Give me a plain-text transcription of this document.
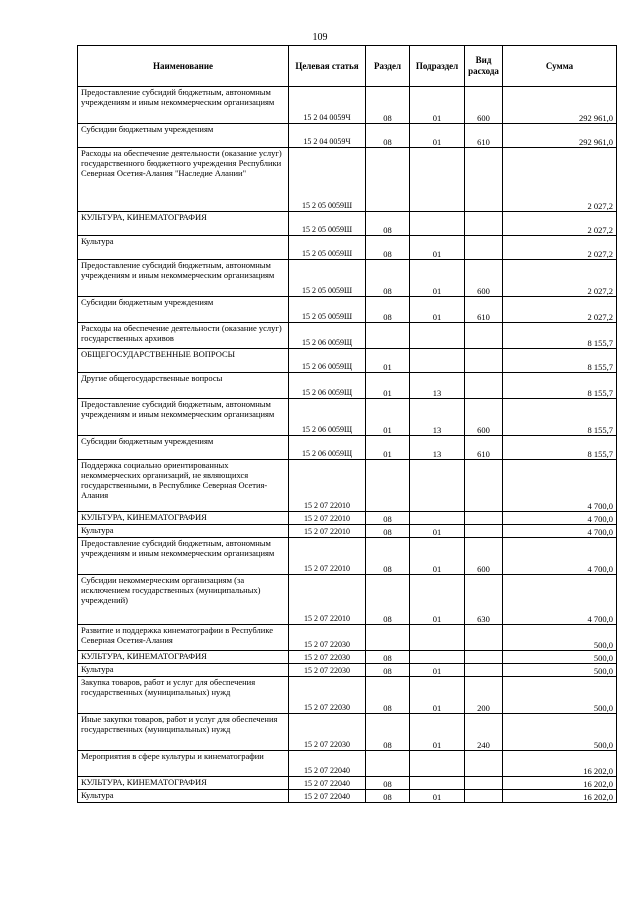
109
Наименование	Целевая статья	Раздел	Подраздел	Вид расхода	Сумма
Предоставление субсидий бюджетным, автономным учреждениям и иным некоммерческим организациям	15 2 04 0059Ч	08	01	600	292 961,0
Субсидии бюджетным учреждениям	15 2 04 0059Ч	08	01	610	292 961,0
Расходы на обеспечение деятельности (оказание услуг) государственного бюджетного учреждения Республики Северная Осетия-Алания "Наследие Алании"	15 2 05 0059Ш				2 027,2
КУЛЬТУРА, КИНЕМАТОГРАФИЯ	15 2 05 0059Ш	08			2 027,2
Культура	15 2 05 0059Ш	08	01		2 027,2
Предоставление субсидий бюджетным, автономным учреждениям и иным некоммерческим организациям	15 2 05 0059Ш	08	01	600	2 027,2
Субсидии бюджетным учреждениям	15 2 05 0059Ш	08	01	610	2 027,2
Расходы на обеспечение деятельности (оказание услуг) государственных архивов	15 2 06 0059Щ				8 155,7
ОБЩЕГОСУДАРСТВЕННЫЕ ВОПРОСЫ	15 2 06 0059Щ	01			8 155,7
Другие общегосударственные вопросы	15 2 06 0059Щ	01	13		8 155,7
Предоставление субсидий бюджетным, автономным учреждениям и иным некоммерческим организациям	15 2 06 0059Щ	01	13	600	8 155,7
Субсидии бюджетным учреждениям	15 2 06 0059Щ	01	13	610	8 155,7
Поддержка социально ориентированных некоммерческих организаций, не являющихся государственными, в Республике Северная Осетия-Алания	15 2 07 22010				4 700,0
КУЛЬТУРА, КИНЕМАТОГРАФИЯ	15 2 07 22010	08			4 700,0
Культура	15 2 07 22010	08	01		4 700,0
Предоставление субсидий бюджетным, автономным учреждениям и иным некоммерческим организациям	15 2 07 22010	08	01	600	4 700,0
Субсидии некоммерческим организациям (за исключением государственных (муниципальных) учреждений)	15 2 07 22010	08	01	630	4 700,0
Развитие и поддержка кинематографии в Республике Северная Осетия-Алания	15 2 07 22030				500,0
КУЛЬТУРА, КИНЕМАТОГРАФИЯ	15 2 07 22030	08			500,0
Культура	15 2 07 22030	08	01		500,0
Закупка товаров, работ и услуг для обеспечения государственных (муниципальных) нужд	15 2 07 22030	08	01	200	500,0
Иные закупки товаров, работ и услуг для обеспечения государственных (муниципальных) нужд	15 2 07 22030	08	01	240	500,0
Мероприятия в сфере культуры и кинематографии	15 2 07 22040				16 202,0
КУЛЬТУРА, КИНЕМАТОГРАФИЯ	15 2 07 22040	08			16 202,0
Культура	15 2 07 22040	08	01		16 202,0
